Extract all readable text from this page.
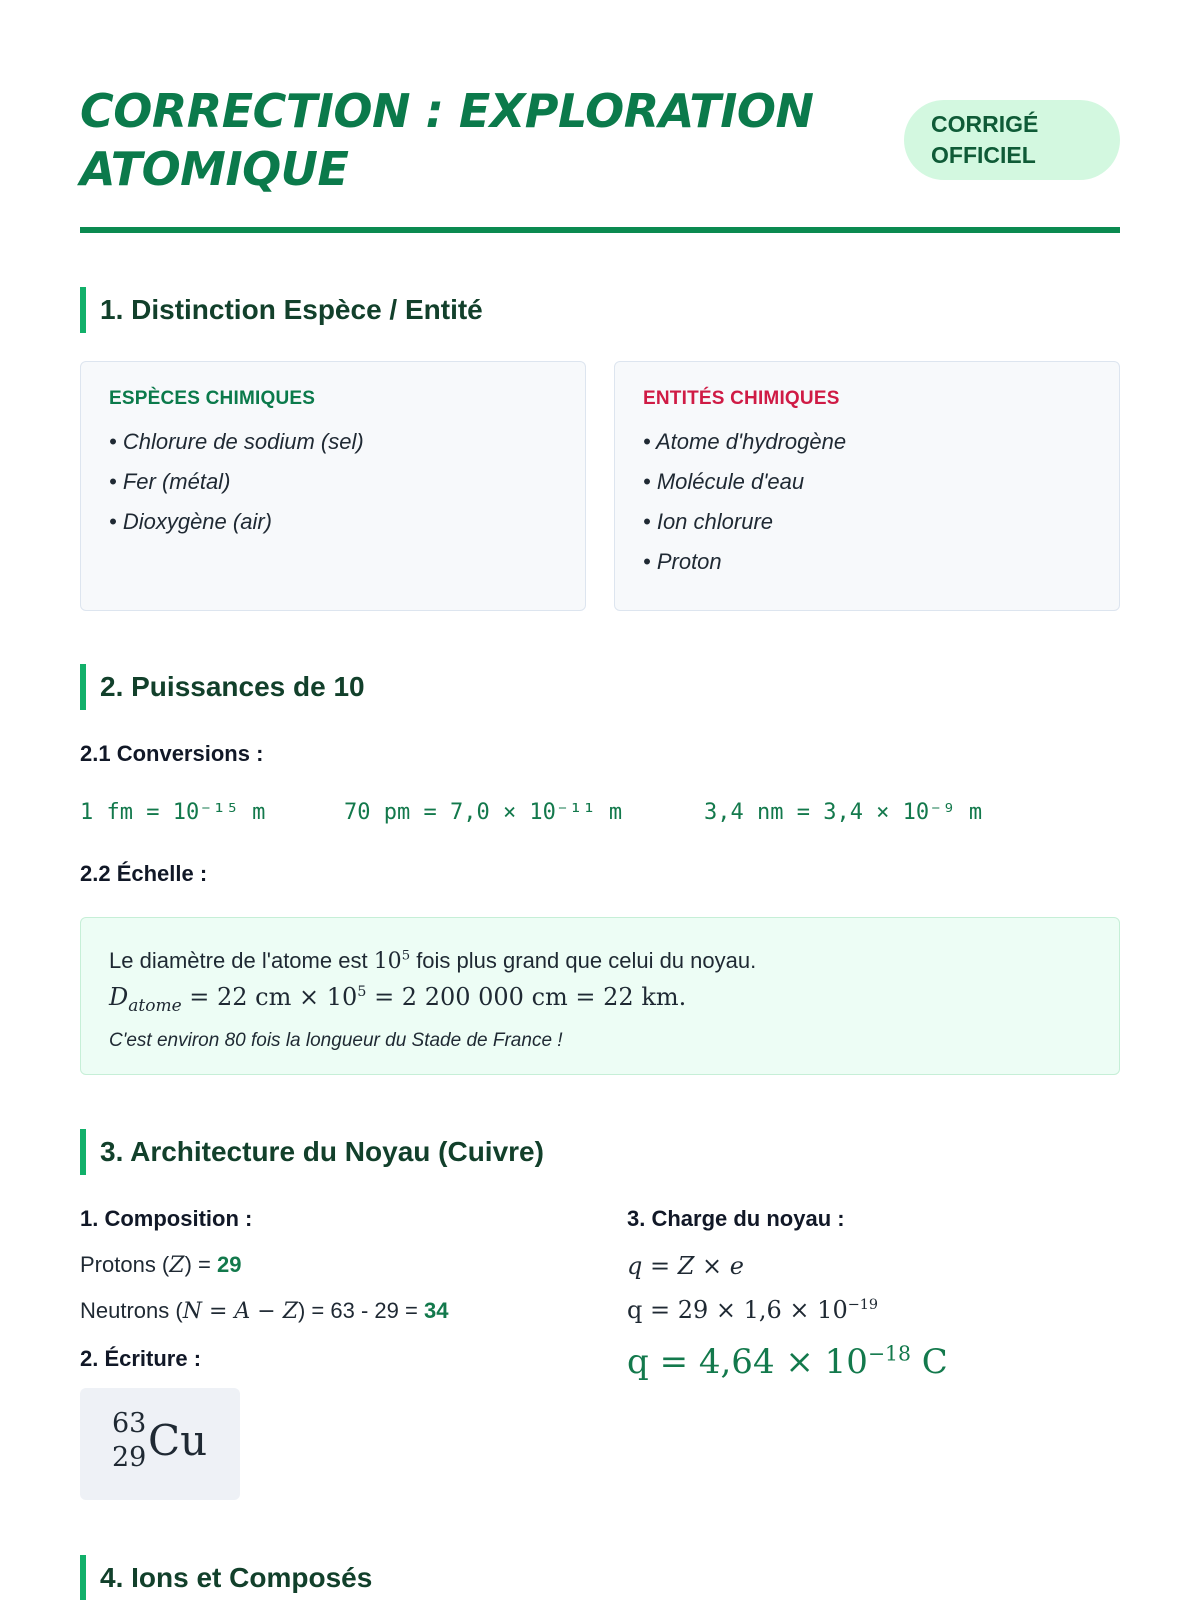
CORRECTION : EXPLORATION ATOMIQUE
CORRIGÉ OFFICIEL
1. Distinction Espèce / Entité
ESPÈCES CHIMIQUES
• Chlorure de sodium (sel)
• Fer (métal)
• Dioxygène (air)
ENTITÉS CHIMIQUES
• Atome d'hydrogène
• Molécule d'eau
• Ion chlorure
• Proton
2. Puissances de 10
2.1 Conversions :
1 fm = 10⁻¹⁵ m	70 pm = 7,0 × 10⁻¹¹ m	3,4 nm = 3,4 × 10⁻⁹ m
2.2 Échelle :
Le diamètre de l'atome est $10^5$ fois plus grand que celui du noyau.
$D_{atome} = 22$ cm × $10^5 = 2$ 200 000 cm = 22 km.
C'est environ 80 fois la longueur du Stade de France !
3. Architecture du Noyau (Cuivre)
1. Composition :
Protons (Z) = 29
Neutrons (N = A − Z) = 63 - 29 = 34
2. Écriture :
63
29 Cu
3. Charge du noyau :
q = Z × e
$q = 29 \times 1,6 \times 10^{-19}$
$q = 4,64 \times 10^{-18}$ C
4. Ions et Composés
